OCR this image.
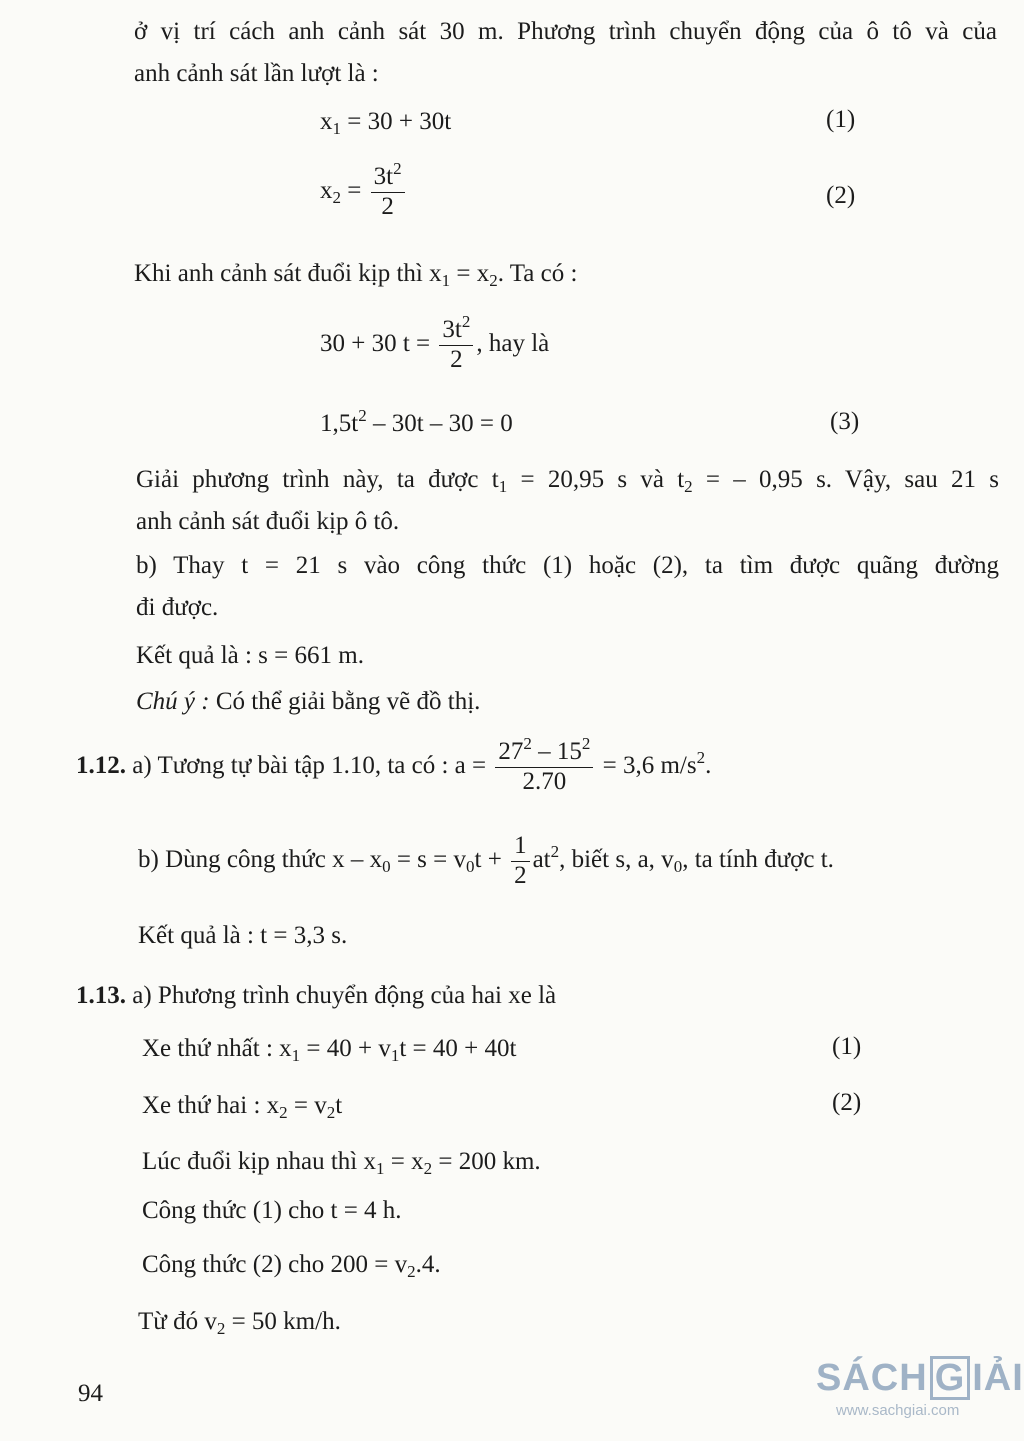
ở vị trí cách anh cảnh sát 30 m. Phương trình chuyển động của ô tô và của
anh cảnh sát lần lượt là :
$x_1 = 30 + 30t$	(1)
$x_2 = \frac{3t^2}{2}$	(2)
Khi anh cảnh sát đuổi kịp thì $x_1 = x_2$. Ta có :
30 + 30 $t = \frac{3t^2}{2}$ , hay là
$1,5t^2 - 30t - 30 = 0$	(3)
Giải phương trình này, ta được $t_1 = 20,95$ s và $t_2$ = – 0,95 s. Vậy, sau 21 s
anh cảnh sát đuổi kịp ô tô.
b) Thay t = 21 s vào công thức (1) hoặc (2), ta tìm được quãng đường
đi được.
Kết quả là : s = 661 m.
Chú ý : Có thể giải bằng vẽ đồ thị.
1.12. a) Tương tự bài tập 1.10, ta có : $a = \frac{27^2 - 15^2}{2.70} = 3,6$ $m/s^2$.
b) Dùng công thức $x - x_0 = s = v_0t + \frac{1}{2} at^2$, biết s, a, $v_0$, ta tính được t.
Kết quả là : t = 3,3 s.
1.13. a) Phương trình chuyển động của hai xe là
Xe thứ nhất : $x_1 = 40 + v_1t = 40 + 40t$	(1)
Xe thứ hai : $x_2 = v_2t$	(2)
Lúc đuổi kịp nhau thì $x_1 = x_2 = 200$ km.
Công thức (1) cho t = 4 h.
Công thức (2) cho $200 = v_2.4$.
Từ đó $v_2 = 50$ km/h.
94	SÁCH G IẢI
www.sachgiai.com
